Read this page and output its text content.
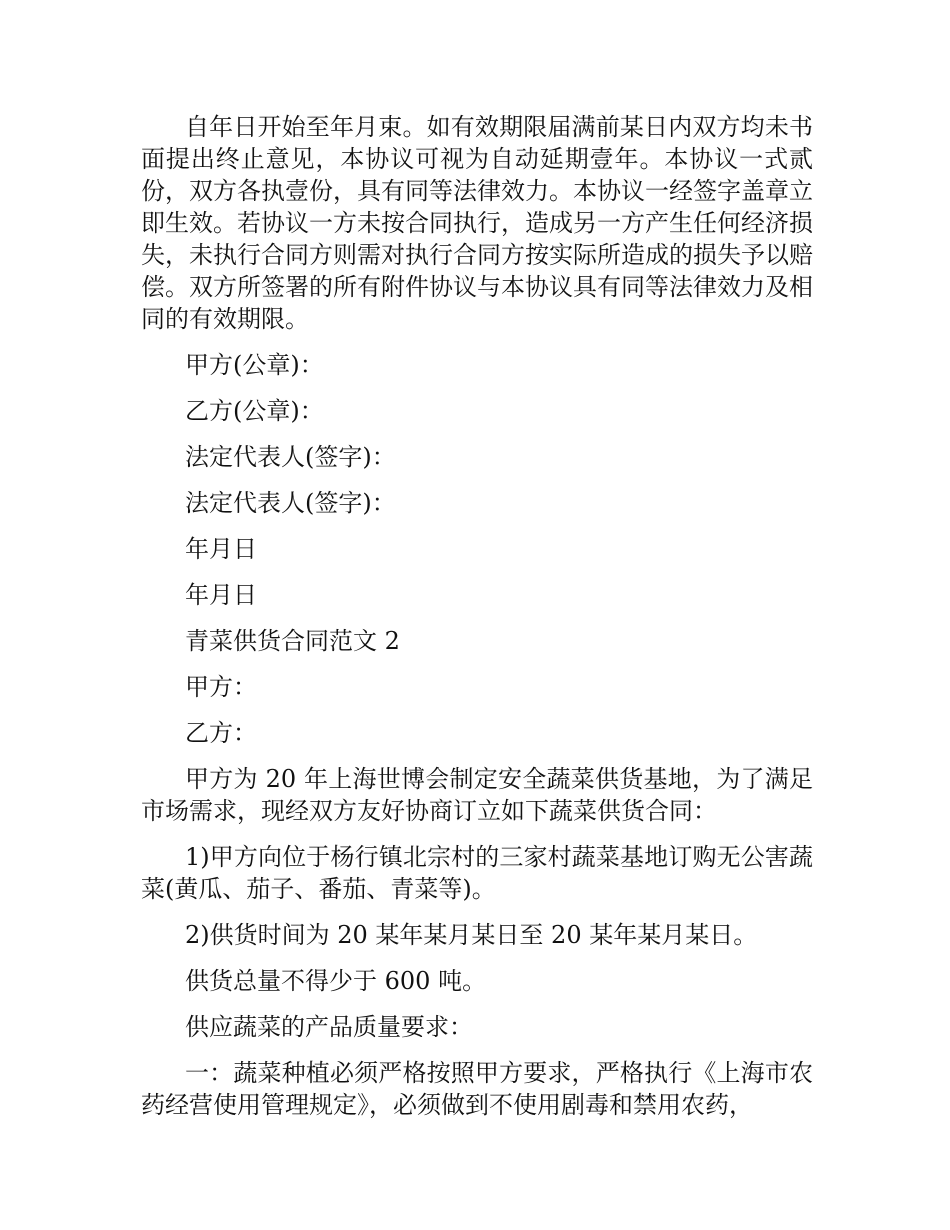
自年日开始至年月束。如有效期限届满前某日内双方均未书面提出终止意见，本协议可视为自动延期壹年。本协议一式贰份，双方各执壹份，具有同等法律效力。本协议一经签字盖章立即生效。若协议一方未按合同执行，造成另一方产生任何经济损失，未执行合同方则需对执行合同方按实际所造成的损失予以赔偿。双方所签署的所有附件协议与本协议具有同等法律效力及相同的有效期限。

甲方(公章)：

乙方(公章)：

法定代表人(签字)：

法定代表人(签字)：

年月日

年月日

青菜供货合同范文 2

甲方：

乙方：

甲方为 20 年上海世博会制定安全蔬菜供货基地，为了满足市场需求，现经双方友好协商订立如下蔬菜供货合同：

1)甲方向位于杨行镇北宗村的三家村蔬菜基地订购无公害蔬菜(黄瓜、茄子、番茄、青菜等)。

2)供货时间为 20 某年某月某日至 20 某年某月某日。

供货总量不得少于 600 吨。

供应蔬菜的产品质量要求：

一：蔬菜种植必须严格按照甲方要求，严格执行《上海市农药经营使用管理规定》，必须做到不使用剧毒和禁用农药，
